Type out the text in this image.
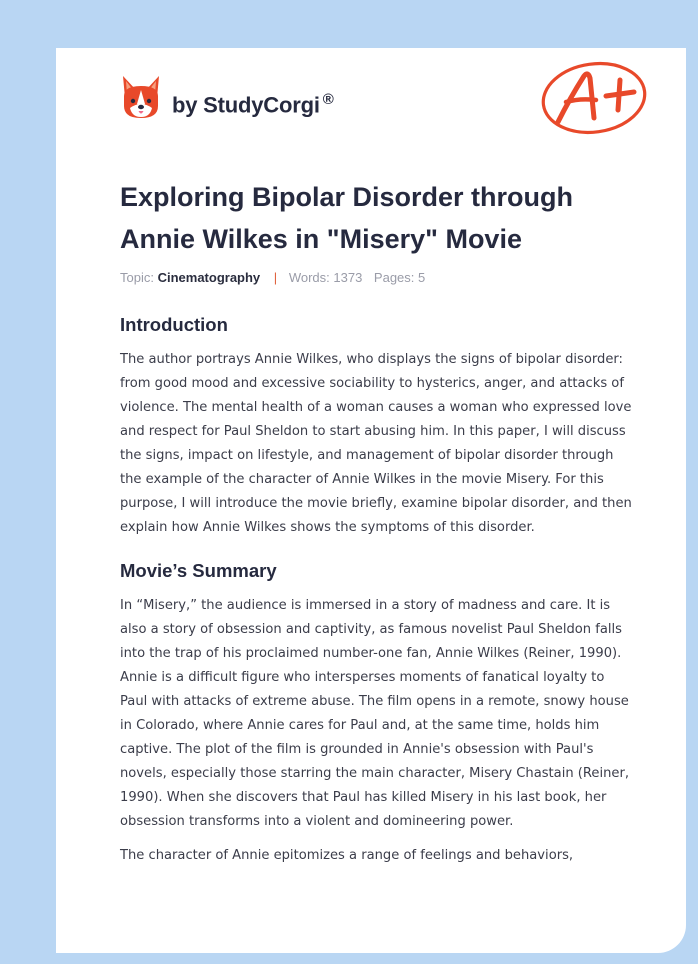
by StudyCorgi ®
Exploring Bipolar Disorder through Annie Wilkes in "Misery" Movie
Topic: Cinematography | Words: 1373 Pages: 5
Introduction

The author portrays Annie Wilkes, who displays the signs of bipolar disorder: from good mood and excessive sociability to hysterics, anger, and attacks of violence. The mental health of a woman causes a woman who expressed love and respect for Paul Sheldon to start abusing him. In this paper, I will discuss the signs, impact on lifestyle, and management of bipolar disorder through the example of the character of Annie Wilkes in the movie Misery. For this purpose, I will introduce the movie briefly, examine bipolar disorder, and then explain how Annie Wilkes shows the symptoms of this disorder.

Movie’s Summary

In “Misery,” the audience is immersed in a story of madness and care. It is also a story of obsession and captivity, as famous novelist Paul Sheldon falls into the trap of his proclaimed number-one fan, Annie Wilkes (Reiner, 1990). Annie is a difficult figure who intersperses moments of fanatical loyalty to Paul with attacks of extreme abuse. The film opens in a remote, snowy house in Colorado, where Annie cares for Paul and, at the same time, holds him captive. The plot of the film is grounded in Annie's obsession with Paul's novels, especially those starring the main character, Misery Chastain (Reiner, 1990). When she discovers that Paul has killed Misery in his last book, her obsession transforms into a violent and domineering power.

The character of Annie epitomizes a range of feelings and behaviors,
